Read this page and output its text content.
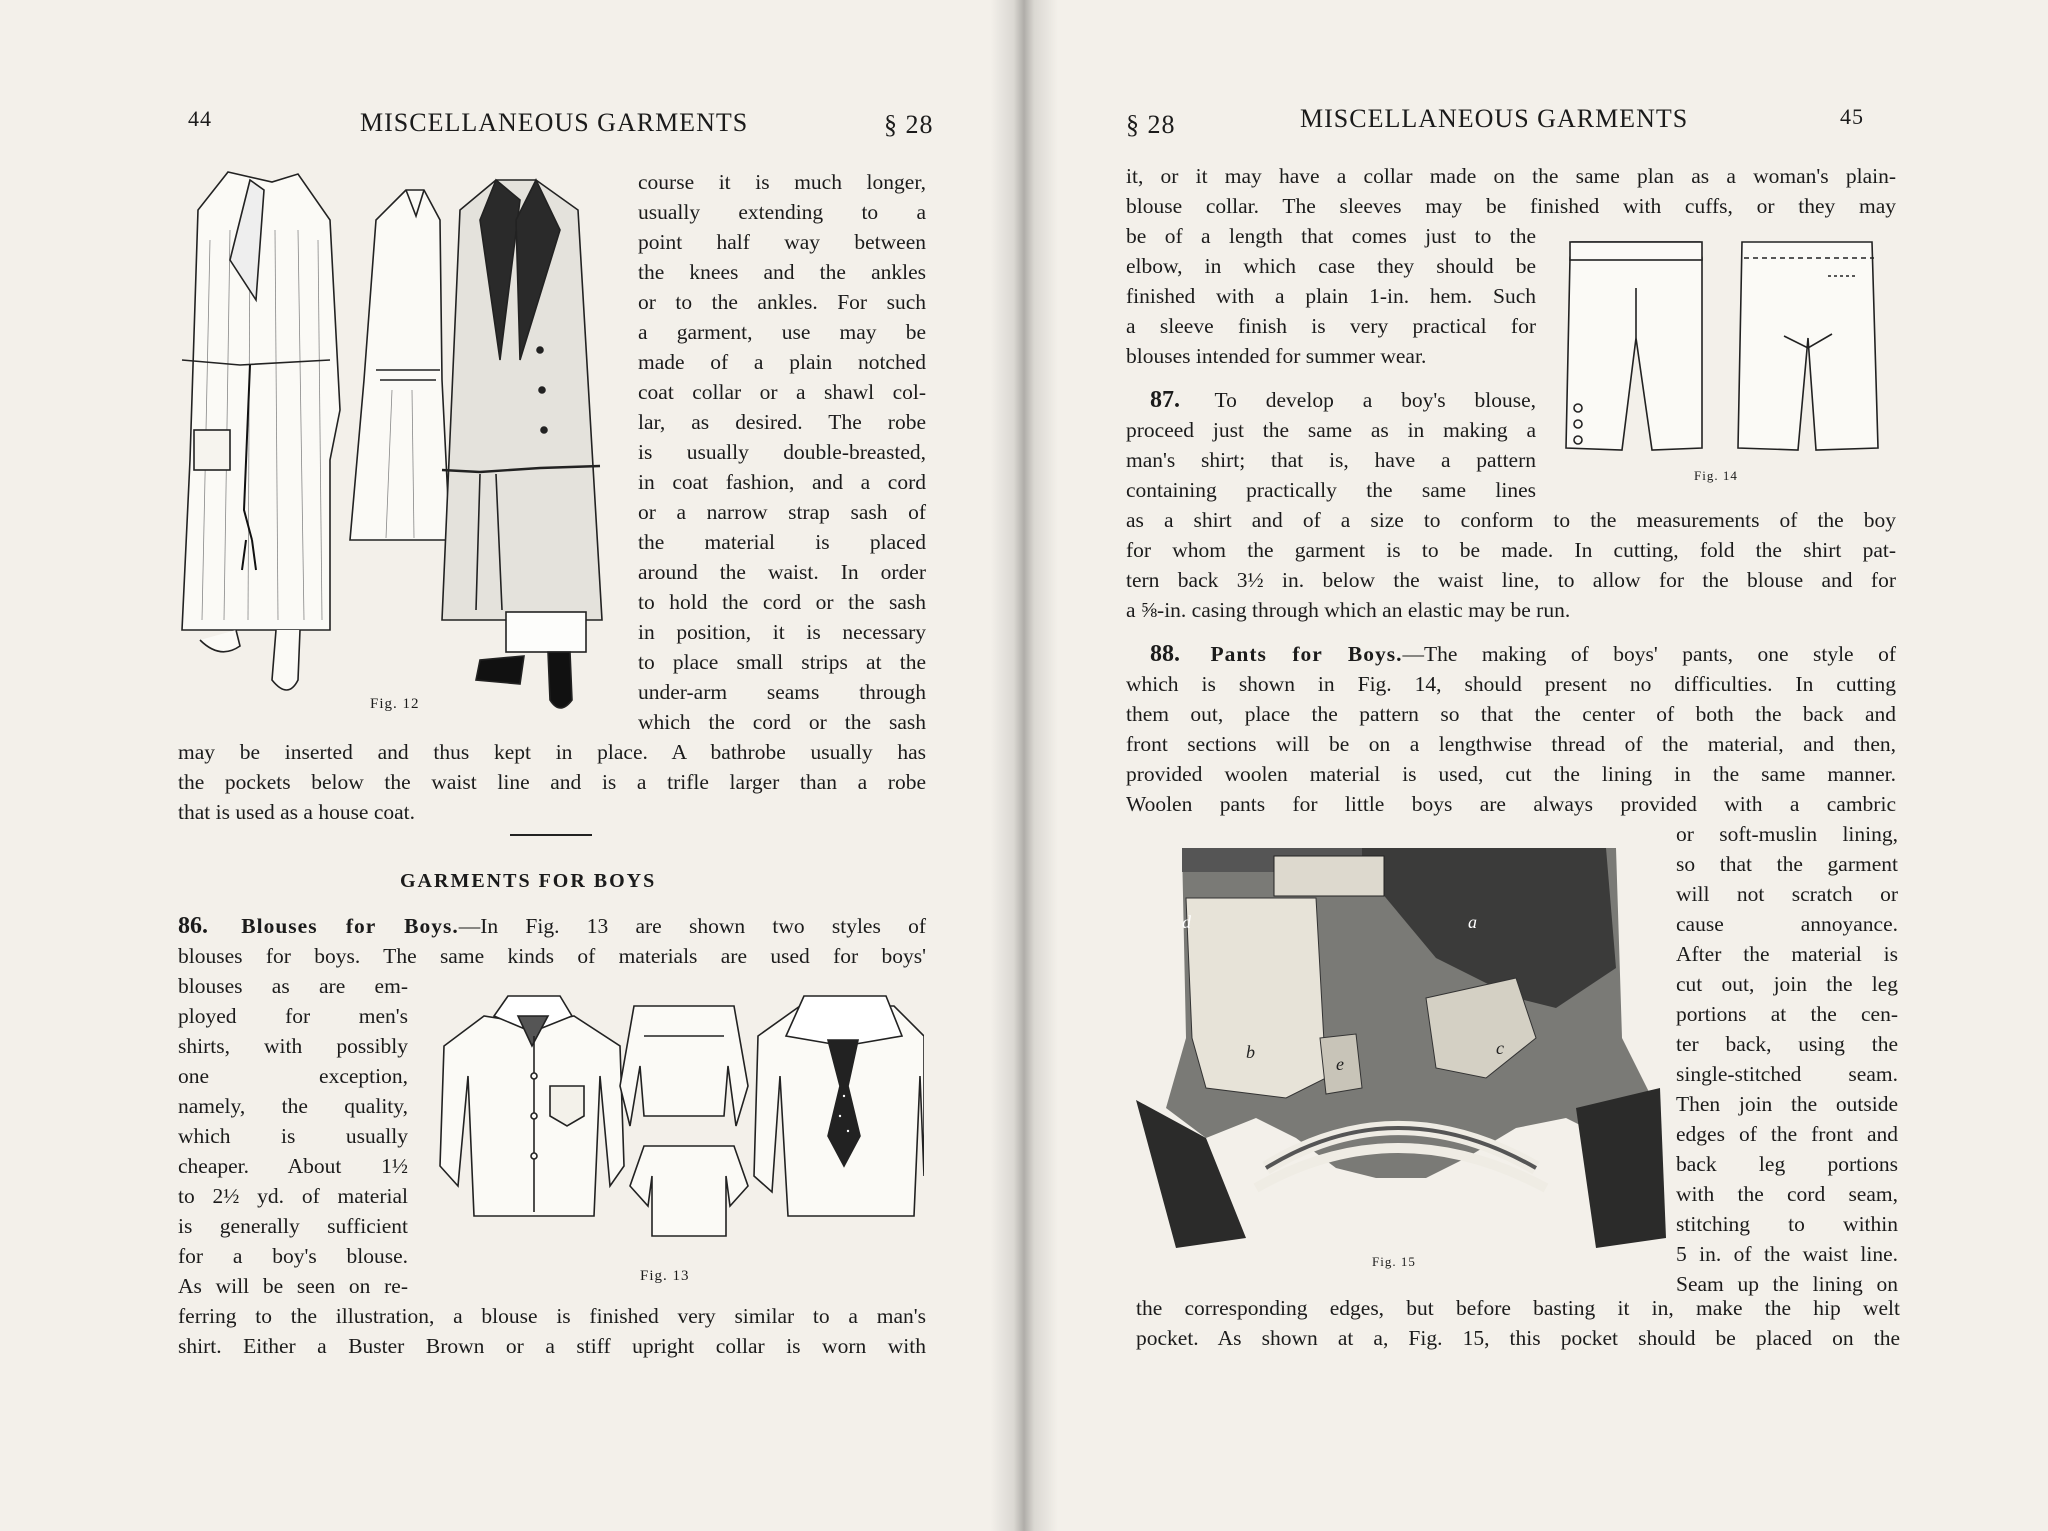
44	MISCELLANEOUS GARMENTS	§ 28
Fig. 12

course it is much longer,

usually extending to a

point half way between

the knees and the ankles

or to the ankles. For such

a garment, use may be

made of a plain notched

coat collar or a shawl col-

lar, as desired. The robe

is usually double-breasted,

in coat fashion, and a cord

or a narrow strap sash of

the material is placed

around the waist. In order

to hold the cord or the sash

in position, it is necessary

to place small strips at the

under-arm seams through

which the cord or the sash

may be inserted and thus kept in place. A bathrobe usually has

the pockets below the waist line and is a trifle larger than a robe

that is used as a house coat.

GARMENTS FOR BOYS

86. Blouses for Boys.—In Fig. 13 are shown two styles of

blouses for boys. The same kinds of materials are used for boys'

blouses as are em-

ployed for men's

shirts, with possibly

one exception,

namely, the quality,

which is usually

cheaper. About 1½

to 2½ yd. of material

is generally sufficient

for a boy's blouse.

As will be seen on re-	Fig. 13

ferring to the illustration, a blouse is finished very similar to a man's

shirt. Either a Buster Brown or a stiff upright collar is worn with

§ 28	MISCELLANEOUS GARMENTS	45

it, or it may have a collar made on the same plan as a woman's plain-

blouse collar. The sleeves may be finished with cuffs, or they may

be of a length that comes just to the

elbow, in which case they should be

finished with a plain 1-in. hem. Such

a sleeve finish is very practical for

blouses intended for summer wear.

87. To develop a boy's blouse,

proceed just the same as in making a

man's shirt; that is, have a pattern

containing practically the same lines

Fig. 14

as a shirt and of a size to conform to the measurements of the boy

for whom the garment is to be made. In cutting, fold the shirt pat-

tern back 3½ in. below the waist line, to allow for the blouse and for

a ⅝-in. casing through which an elastic may be run.

88. Pants for Boys.—The making of boys' pants, one style of

which is shown in Fig. 14, should present no difficulties. In cutting

them out, place the pattern so that the center of both the back and

front sections will be on a lengthwise thread of the material, and then,

provided woolen material is used, cut the lining in the same manner.

Woolen pants for little boys are always provided with a cambric

d	a
b
e
c
Fig. 15

or soft-muslin lining,

so that the garment

will not scratch or

cause annoyance.

After the material is

cut out, join the leg

portions at the cen-

ter back, using the

single-stitched seam.

Then join the outside

edges of the front and

back leg portions

with the cord seam,

stitching to within

5 in. of the waist line.

Seam up the lining on

the corresponding edges, but before basting it in, make the hip welt

pocket. As shown at a, Fig. 15, this pocket should be placed on the
